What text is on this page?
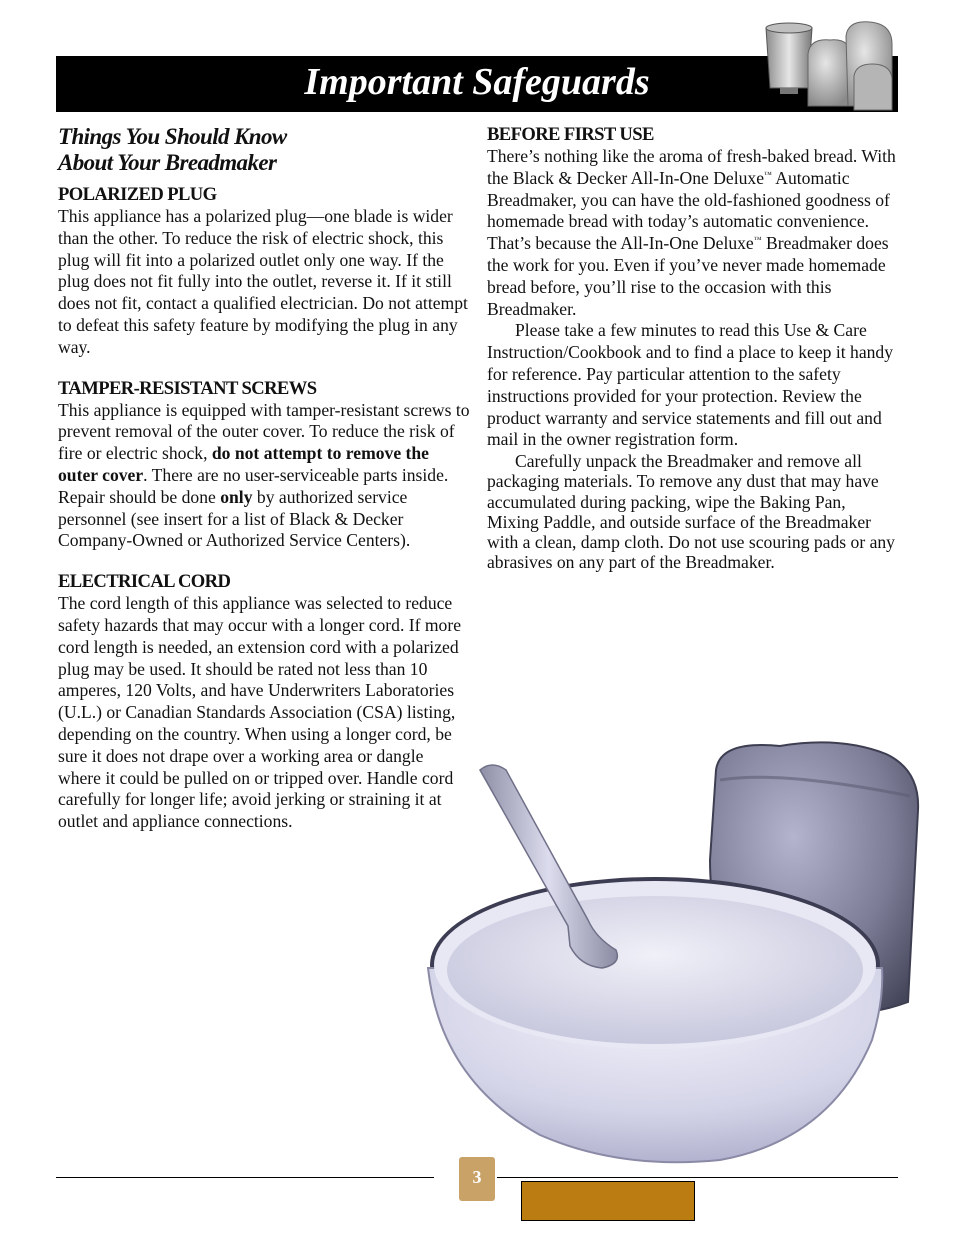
Important Safeguards
Things You Should Know
About Your Breadmaker
POLARIZED PLUG

This appliance has a polarized plug—one blade is wider than the other. To reduce the risk of electric shock, this plug will fit into a polarized outlet only one way. If the plug does not fit fully into the outlet, reverse it. If it still does not fit, contact a qualified electrician. Do not attempt to defeat this safety feature by modifying the plug in any way.

TAMPER-RESISTANT SCREWS

This appliance is equipped with tamper-resistant screws to prevent removal of the outer cover. To reduce the risk of fire or electric shock, do not attempt to remove the outer cover. There are no user-serviceable parts inside. Repair should be done only by authorized service personnel (see insert for a list of Black & Decker Company-Owned or Authorized Service Centers).

ELECTRICAL CORD

The cord length of this appliance was selected to reduce safety hazards that may occur with a longer cord. If more cord length is needed, an extension cord with a polarized plug may be used. It should be rated not less than 10 amperes, 120 Volts, and have Underwriters Laboratories (U.L.) or Canadian Standards Association (CSA) listing, depending on the country. When using a longer cord, be sure it does not drape over a working area or dangle where it could be pulled on or tripped over. Handle cord carefully for longer life; avoid jerking or straining it at outlet and appliance connections.

BEFORE FIRST USE

There’s nothing like the aroma of fresh-baked bread. With the Black & Decker All-In-One Deluxe™ Automatic Breadmaker, you can have the old-fashioned goodness of homemade bread with today’s automatic convenience. That’s because the All-In-One Deluxe™ Breadmaker does the work for you. Even if you’ve never made homemade bread before, you’ll rise to the occasion with this Breadmaker.

Please take a few minutes to read this Use & Care Instruction/Cookbook and to find a place to keep it handy for reference. Pay particular attention to the safety instructions provided for your protection. Review the product warranty and service statements and fill out and mail in the owner registration form.

Carefully unpack the Breadmaker and remove all packaging materials. To remove any dust that may have accumulated during packing, wipe the Baking Pan, Mixing Paddle, and outside surface of the Breadmaker with a clean, damp cloth. Do not use scouring pads or any abrasives on any part of the Breadmaker.

3
